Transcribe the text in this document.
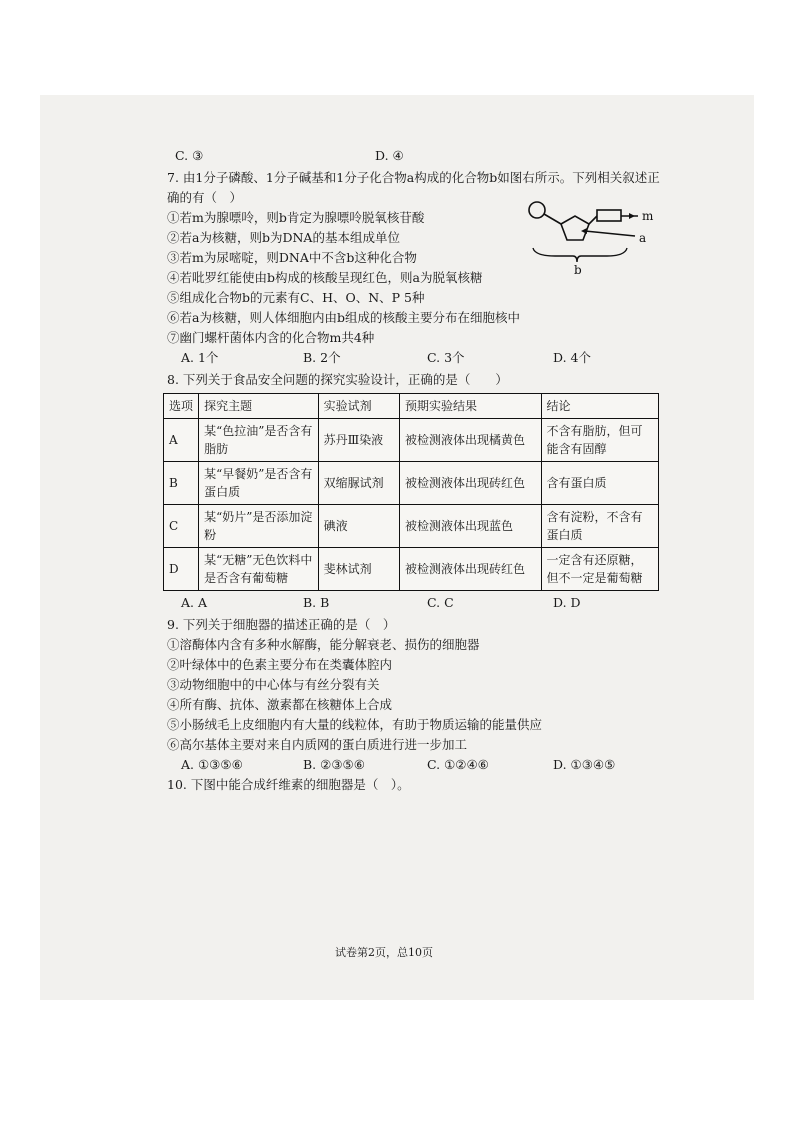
C. ③	D. ④
7. 由1分子磷酸、1分子碱基和1分子化合物a构成的化合物b如图右所示。下列相关叙述正
确的有（　）
①若m为腺嘌呤，则b肯定为腺嘌呤脱氧核苷酸
②若a为核糖，则b为DNA的基本组成单位
③若m为尿嘧啶，则DNA中不含b这种化合物
④若吡罗红能使由b构成的核酸呈现红色，则a为脱氧核糖
⑤组成化合物b的元素有C、H、O、N、P 5种
⑥若a为核糖，则人体细胞内由b组成的核酸主要分布在细胞核中
⑦幽门螺杆菌体内含的化合物m共4种
A. 1个	B. 2个	C. 3个	D. 4个
8. 下列关于食品安全问题的探究实验设计，正确的是（　　）
选项	探究主题	实验试剂	预期实验结果	结论
A	某“色拉油”是否含有脂肪	苏丹Ⅲ染液	被检测液体出现橘黄色	不含有脂肪，但可能含有固醇
B	某“早餐奶”是否含有蛋白质	双缩脲试剂	被检测液体出现砖红色	含有蛋白质
C	某“奶片”是否添加淀粉	碘液	被检测液体出现蓝色	含有淀粉，不含有蛋白质
D	某“无糖”无色饮料中是否含有葡萄糖	斐林试剂	被检测液体出现砖红色	一定含有还原糖，但不一定是葡萄糖
A. A	B. B	C. C	D. D
9. 下列关于细胞器的描述正确的是（　）
①溶酶体内含有多种水解酶，能分解衰老、损伤的细胞器
②叶绿体中的色素主要分布在类囊体腔内
③动物细胞中的中心体与有丝分裂有关
④所有酶、抗体、激素都在核糖体上合成
⑤小肠绒毛上皮细胞内有大量的线粒体，有助于物质运输的能量供应
⑥高尔基体主要对来自内质网的蛋白质进行进一步加工
A. ①③⑤⑥	B. ②③⑤⑥	C. ①②④⑥	D. ①③④⑤
10. 下图中能合成纤维素的细胞器是（　）。
m
a
b
试卷第2页，总10页
